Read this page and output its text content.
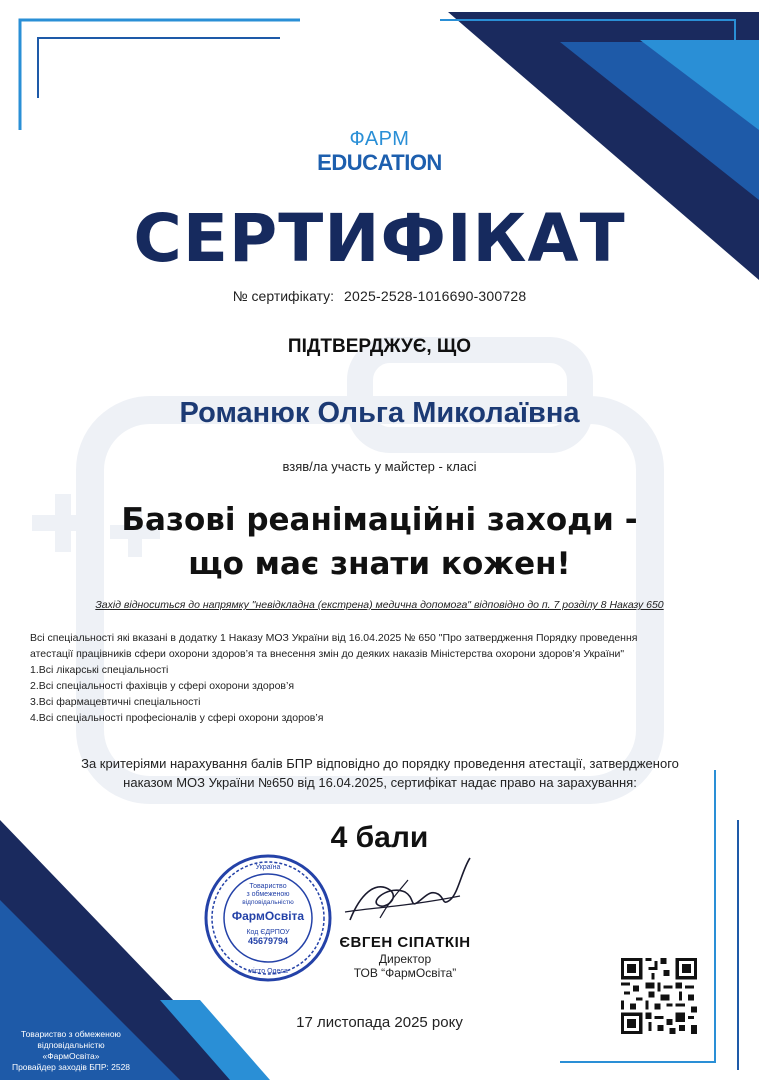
ФАРМ
EDUCATION
СЕРТИФІКАТ
№ сертифікату: 2025-2528-1016690-300728
ПІДТВЕРДЖУЄ, ЩО
Романюк Ольга Миколаївна
взяв/ла участь у майстер - класі
Базові реанімаційні заходи -
що має знати кожен!
Захід відноситься до напрямку "невідкладна (екстрена) медична допомога" відповідно до п. 7 розділу 8 Наказу 650
Всі спеціальності які вказані в додатку 1 Наказу МОЗ України від 16.04.2025 № 650 "Про затвердження Порядку проведення
атестації працівників сфери охорони здоров’я та внесення змін до деяких наказів Міністерства охорони здоров’я України"
1.Всі лікарські спеціальності
2.Всі спеціальності фахівців у сфері охорони здоров’я
3.Всі фармацевтичні спеціальності
4.Всі спеціальності професіоналів у сфері охорони здоров’я
За критеріями нарахування балів БПР відповідно до порядку проведення атестації, затвердженого
наказом МОЗ України №650 від 16.04.2025, сертифікат надає право на зарахування:
4 бали
Україна
Товариство
з обмеженою
відповідальністю
ФармОсвіта
Код ЄДРПОУ
45679794
місто Одеса
ЄВГЕН СІПАТКІН
Директор
ТОВ “ФармОсвіта”
17 листопада 2025 року
Товариство з обмеженою
відповідальністю
«ФармОсвіта»
Провайдер заходів БПР: 2528
